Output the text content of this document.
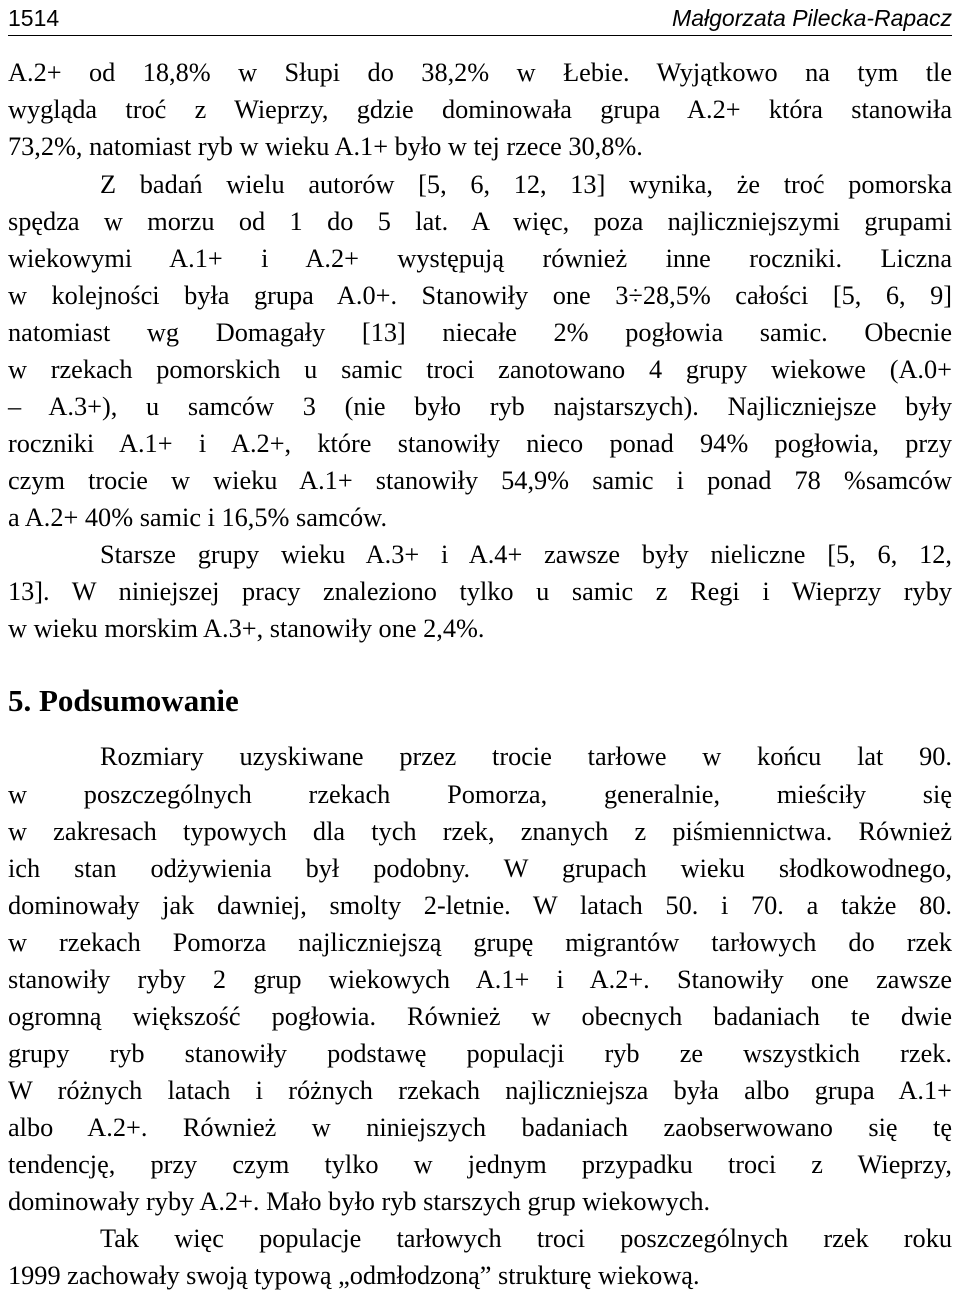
1514	Małgorzata Pilecka-Rapacz
A.2+ od 18,8% w Słupi do 38,2% w Łebie. Wyjątkowo na tym tle
wygląda troć z Wieprzy, gdzie dominowała grupa A.2+ która stanowiła
73,2%, natomiast ryb w wieku A.1+ było w tej rzece 30,8%.
Z badań wielu autorów [5, 6, 12, 13] wynika, że troć pomorska
spędza w morzu od 1 do 5 lat. A więc, poza najliczniejszymi grupami
wiekowymi A.1+ i A.2+ występują również inne roczniki. Liczna
w kolejności była grupa A.0+. Stanowiły one 3÷28,5% całości [5, 6, 9]
natomiast wg Domagały [13] niecałe 2% pogłowia samic. Obecnie
w rzekach pomorskich u samic troci zanotowano 4 grupy wiekowe (A.0+
– A.3+), u samców 3 (nie było ryb najstarszych). Najliczniejsze były
roczniki A.1+ i A.2+, które stanowiły nieco ponad 94% pogłowia, przy
czym trocie w wieku A.1+ stanowiły 54,9% samic i ponad 78 %samców
a A.2+ 40% samic i 16,5% samców.
Starsze grupy wieku A.3+ i A.4+ zawsze były nieliczne [5, 6, 12,
13]. W niniejszej pracy znaleziono tylko u samic z Regi i Wieprzy ryby
w wieku morskim A.3+, stanowiły one 2,4%.
5. Podsumowanie
Rozmiary uzyskiwane przez trocie tarłowe w końcu lat 90.
w poszczególnych rzekach Pomorza, generalnie, mieściły się
w zakresach typowych dla tych rzek, znanych z piśmiennictwa. Również
ich stan odżywienia był podobny. W grupach wieku słodkowodnego,
dominowały jak dawniej, smolty 2-letnie. W latach 50. i 70. a także 80.
w rzekach Pomorza najliczniejszą grupę migrantów tarłowych do rzek
stanowiły ryby 2 grup wiekowych A.1+ i A.2+. Stanowiły one zawsze
ogromną większość pogłowia. Również w obecnych badaniach te dwie
grupy ryb stanowiły podstawę populacji ryb ze wszystkich rzek.
W różnych latach i różnych rzekach najliczniejsza była albo grupa A.1+
albo A.2+. Również w niniejszych badaniach zaobserwowano się tę
tendencję, przy czym tylko w jednym przypadku troci z Wieprzy,
dominowały ryby A.2+. Mało było ryb starszych grup wiekowych.
Tak więc populacje tarłowych troci poszczególnych rzek roku
1999 zachowały swoją typową „odmłodzoną” strukturę wiekową.
